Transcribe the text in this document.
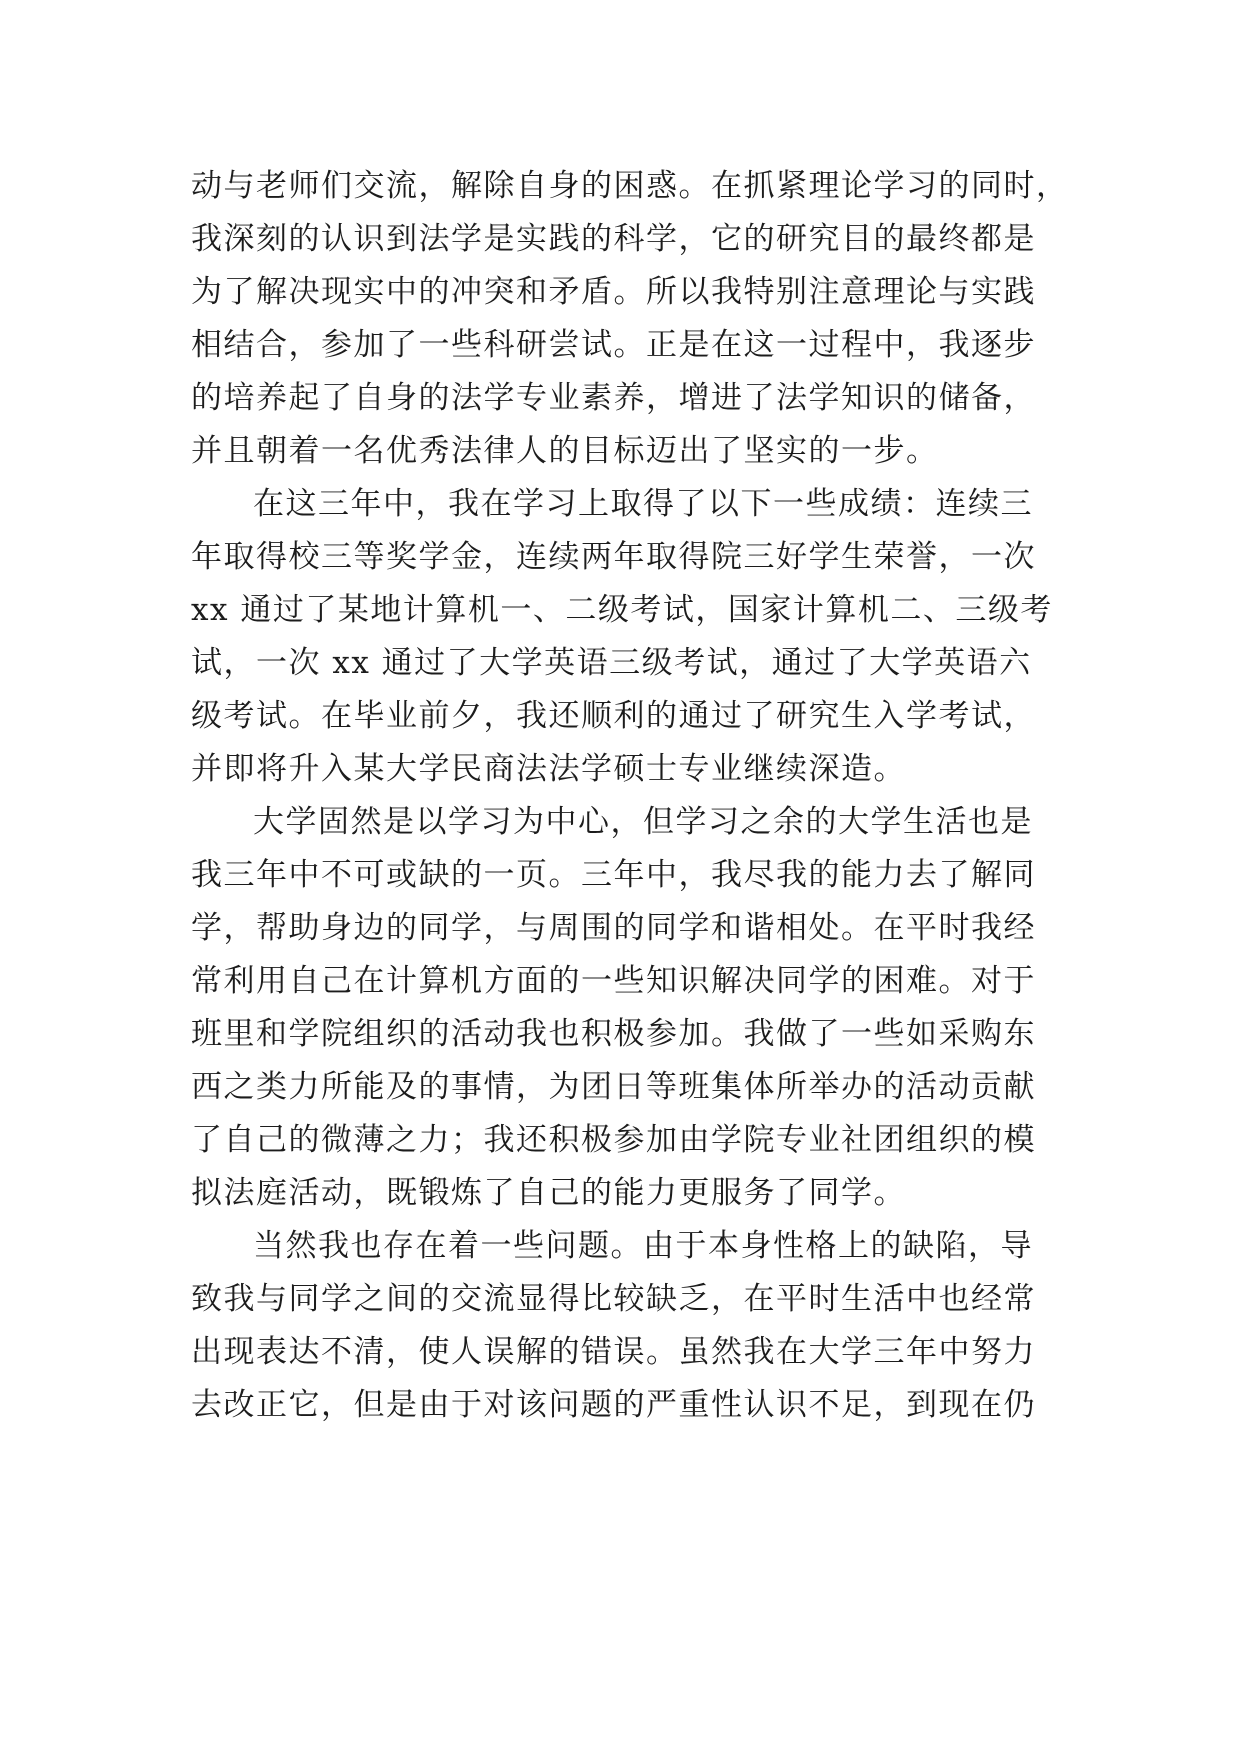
动与老师们交流，解除自身的困惑。在抓紧理论学习的同时，
我深刻的认识到法学是实践的科学，它的研究目的最终都是
为了解决现实中的冲突和矛盾。所以我特别注意理论与实践
相结合，参加了一些科研尝试。正是在这一过程中，我逐步
的培养起了自身的法学专业素养，增进了法学知识的储备，
并且朝着一名优秀法律人的目标迈出了坚实的一步。
在这三年中，我在学习上取得了以下一些成绩：连续三
年取得校三等奖学金，连续两年取得院三好学生荣誉，一次
xx 通过了某地计算机一、二级考试，国家计算机二、三级考
试，一次 xx 通过了大学英语三级考试，通过了大学英语六
级考试。在毕业前夕，我还顺利的通过了研究生入学考试，
并即将升入某大学民商法法学硕士专业继续深造。
大学固然是以学习为中心，但学习之余的大学生活也是
我三年中不可或缺的一页。三年中，我尽我的能力去了解同
学，帮助身边的同学，与周围的同学和谐相处。在平时我经
常利用自己在计算机方面的一些知识解决同学的困难。对于
班里和学院组织的活动我也积极参加。我做了一些如采购东
西之类力所能及的事情，为团日等班集体所举办的活动贡献
了自己的微薄之力；我还积极参加由学院专业社团组织的模
拟法庭活动，既锻炼了自己的能力更服务了同学。
当然我也存在着一些问题。由于本身性格上的缺陷，导
致我与同学之间的交流显得比较缺乏，在平时生活中也经常
出现表达不清，使人误解的错误。虽然我在大学三年中努力
去改正它，但是由于对该问题的严重性认识不足，到现在仍
